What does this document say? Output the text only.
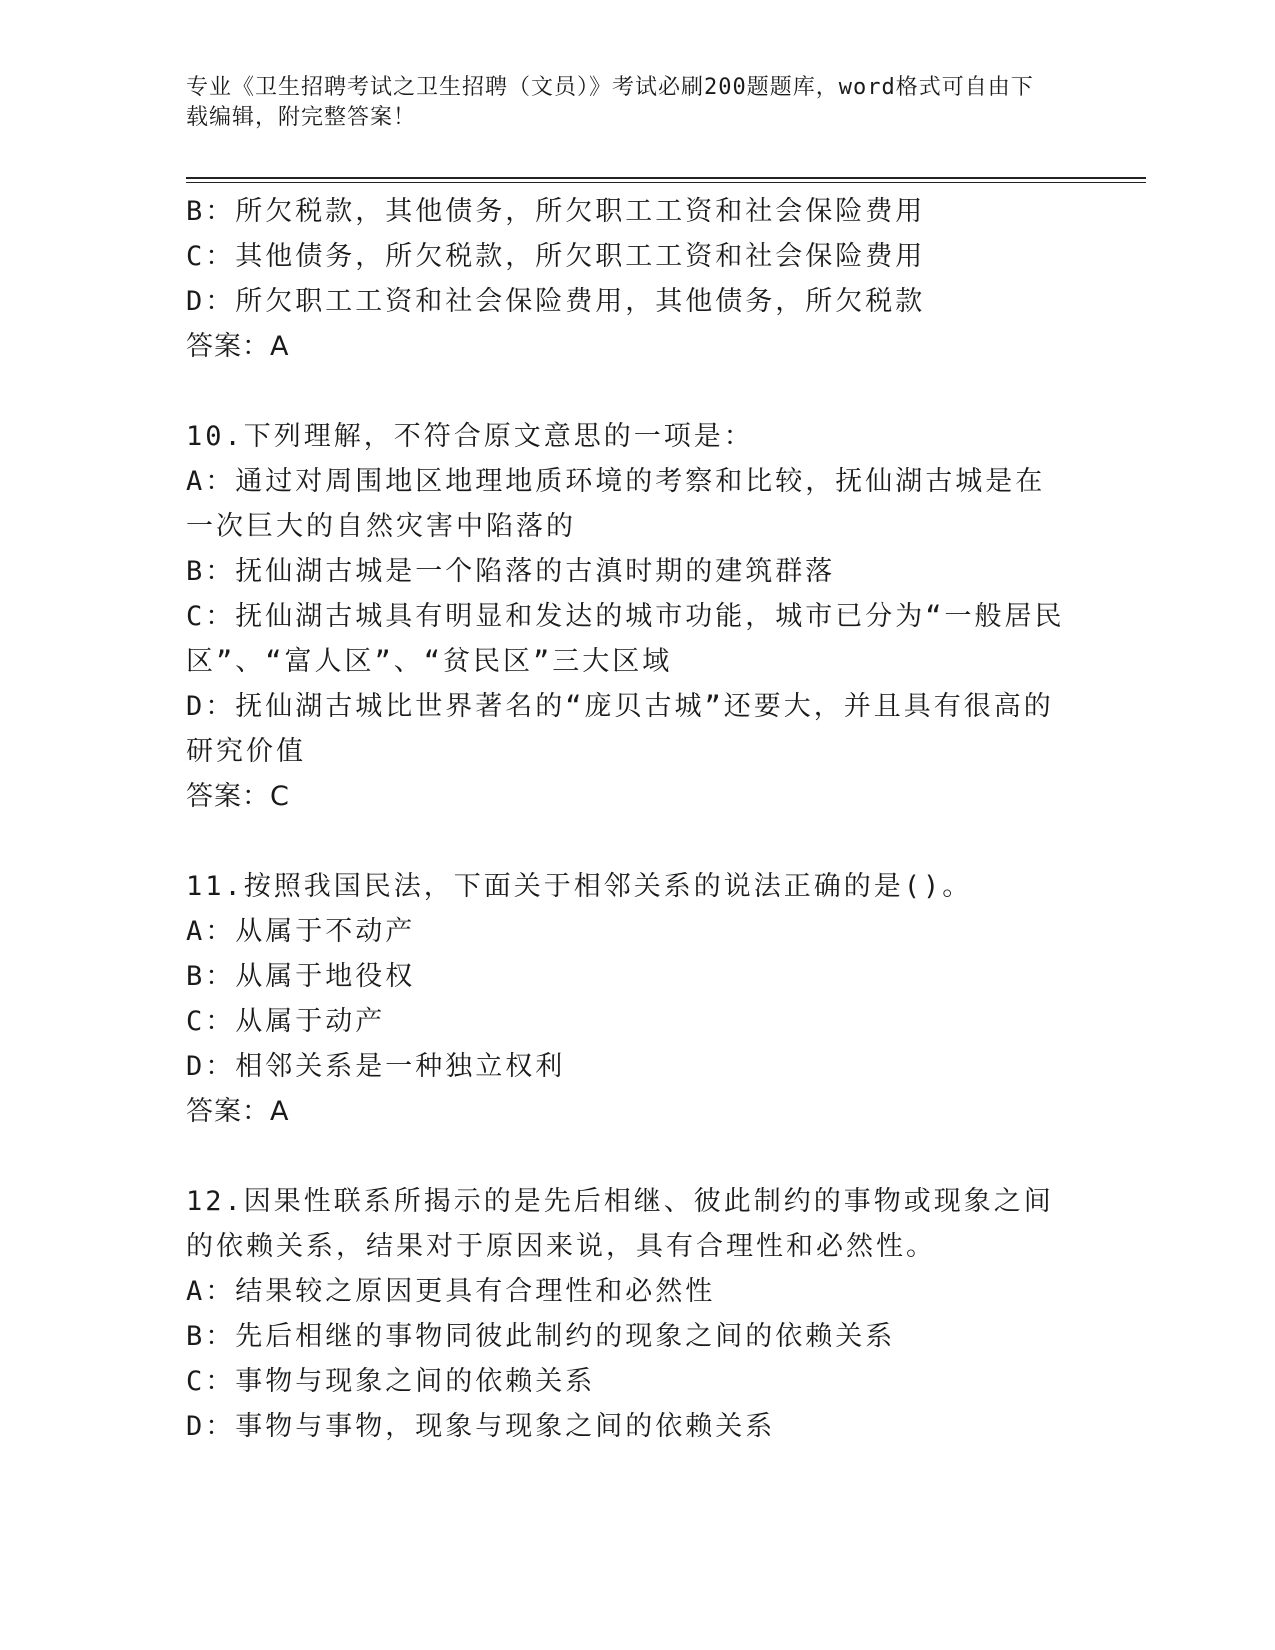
专业《卫生招聘考试之卫生招聘（文员）》考试必刷200题题库，word格式可自由下载编辑，附完整答案！
B：所欠税款，其他债务，所欠职工工资和社会保险费用
C：其他债务，所欠税款，所欠职工工资和社会保险费用
D：所欠职工工资和社会保险费用，其他债务，所欠税款
答案：A
10.下列理解，不符合原文意思的一项是：
A：通过对周围地区地理地质环境的考察和比较，抚仙湖古城是在一次巨大的自然灾害中陷落的
B：抚仙湖古城是一个陷落的古滇时期的建筑群落
C：抚仙湖古城具有明显和发达的城市功能，城市已分为“一般居民区”、“富人区”、“贫民区”三大区域
D：抚仙湖古城比世界著名的“庞贝古城”还要大，并且具有很高的研究价值
答案：C
11.按照我国民法，下面关于相邻关系的说法正确的是()。
A：从属于不动产
B：从属于地役权
C：从属于动产
D：相邻关系是一种独立权利
答案：A
12.因果性联系所揭示的是先后相继、彼此制约的事物或现象之间的依赖关系，结果对于原因来说，具有合理性和必然性。
A：结果较之原因更具有合理性和必然性
B：先后相继的事物同彼此制约的现象之间的依赖关系
C：事物与现象之间的依赖关系
D：事物与事物，现象与现象之间的依赖关系
